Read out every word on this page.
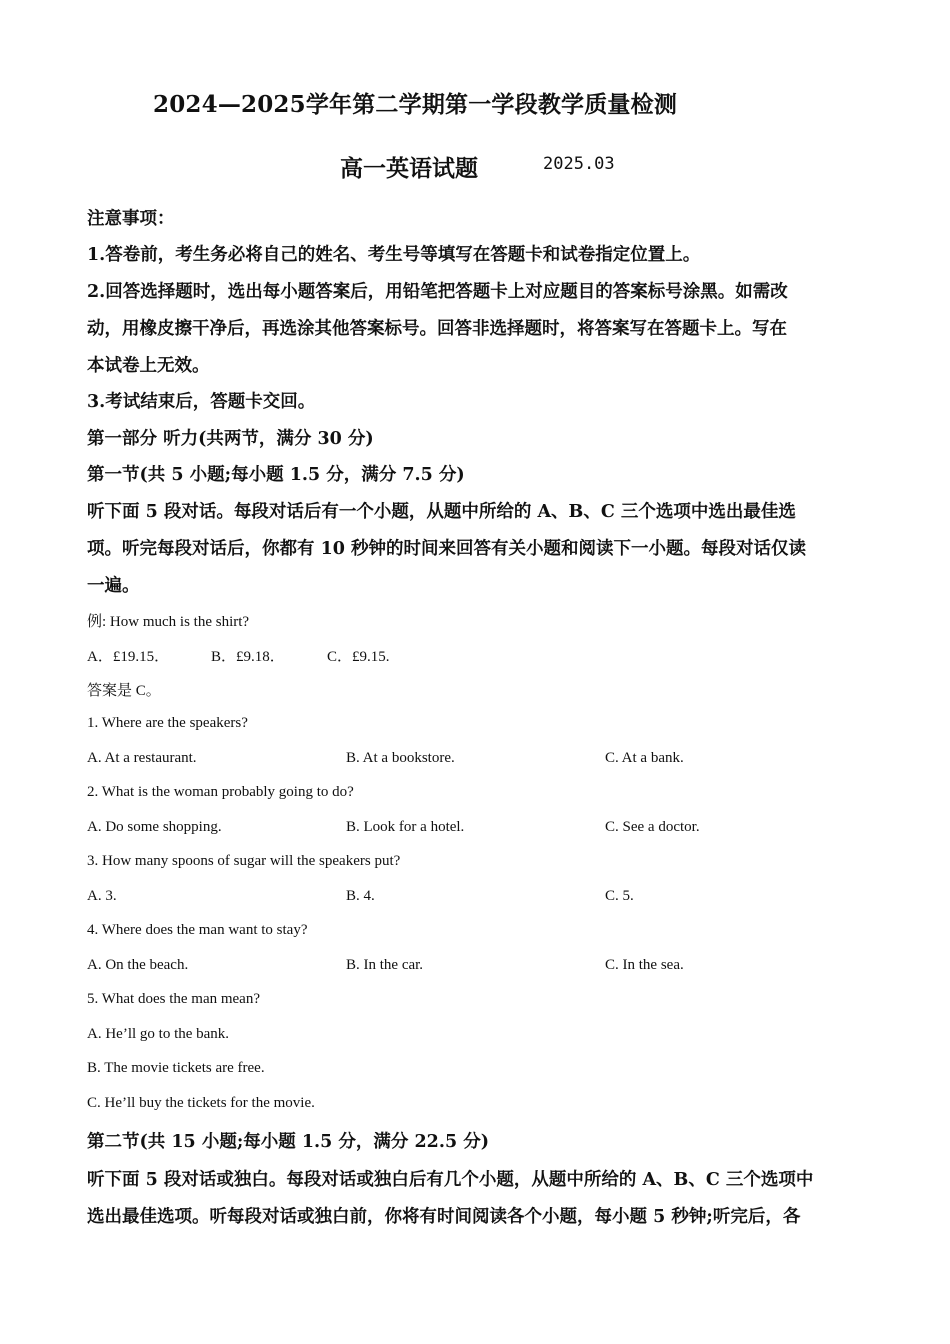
2024—2025学年第二学期第一学段教学质量检测
高一英语试题	2025.03
注意事项：
1.答卷前，考生务必将自己的姓名、考生号等填写在答题卡和试卷指定位置上。
2.回答选择题时，选出每小题答案后，用铅笔把答题卡上对应题目的答案标号涂黑。如需改
动，用橡皮擦干净后，再选涂其他答案标号。回答非选择题时，将答案写在答题卡上。写在
本试卷上无效。
3.考试结束后，答题卡交回。
第一部分 听力(共两节，满分 30 分)
第一节(共 5 小题;每小题 1.5 分，满分 7.5 分)
听下面 5 段对话。每段对话后有一个小题，从题中所给的 A、B、C 三个选项中选出最佳选
项。听完每段对话后，你都有 10 秒钟的时间来回答有关小题和阅读下一小题。每段对话仅读
一遍。
例: How much is the shirt?
A．£19.15．	B．£9.18．	C．£9.15.
答案是 C。
1. Where are the speakers?
A. At a restaurant.	B. At a bookstore.	C. At a bank.
2. What is the woman probably going to do?
A. Do some shopping.	B. Look for a hotel.	C. See a doctor.
3. How many spoons of sugar will the speakers put?
A. 3.	B. 4.	C. 5.
4. Where does the man want to stay?
A. On the beach.	B. In the car.	C. In the sea.
5. What does the man mean?
A. He’ll go to the bank.
B. The movie tickets are free.
C. He’ll buy the tickets for the movie.
第二节(共 15 小题;每小题 1.5 分，满分 22.5 分)
听下面 5 段对话或独白。每段对话或独白后有几个小题，从题中所给的 A、B、C 三个选项中
选出最佳选项。听每段对话或独白前，你将有时间阅读各个小题，每小题 5 秒钟;听完后，各
